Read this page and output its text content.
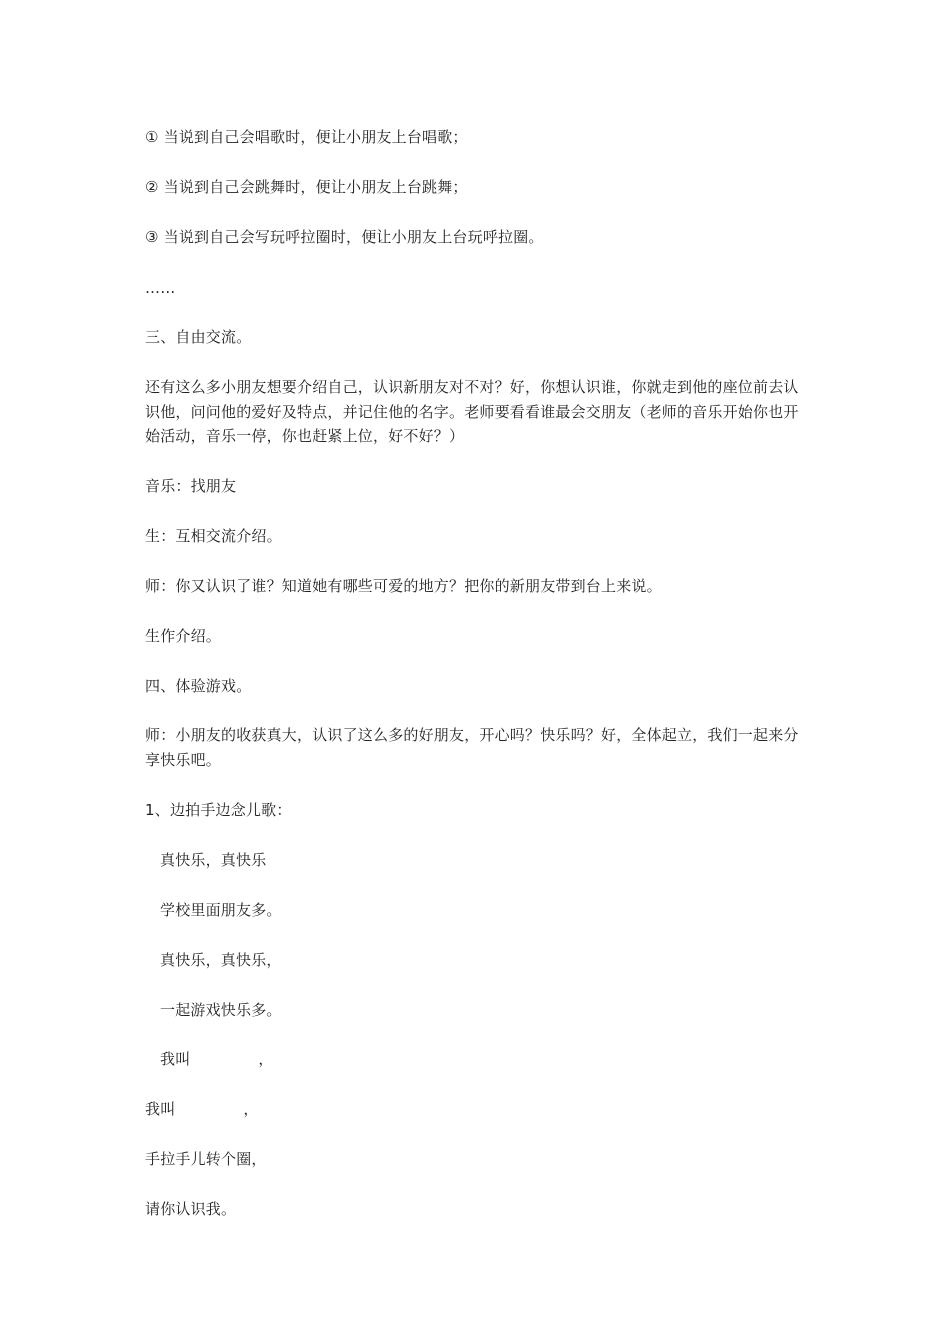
① 当说到自己会唱歌时，便让小朋友上台唱歌；
② 当说到自己会跳舞时，便让小朋友上台跳舞；
③ 当说到自己会写玩呼拉圈时，便让小朋友上台玩呼拉圈。
……
三、自由交流。
还有这么多小朋友想要介绍自己，认识新朋友对不对？好，你想认识谁，你就走到他的座位前去认识他，问问他的爱好及特点，并记住他的名字。老师要看看谁最会交朋友（老师的音乐开始你也开始活动，音乐一停，你也赶紧上位，好不好？）
音乐：找朋友
生：互相交流介绍。
师：你又认识了谁？知道她有哪些可爱的地方？把你的新朋友带到台上来说。
生作介绍。
四、体验游戏。
师：小朋友的收获真大，认识了这么多的好朋友，开心吗？快乐吗？好，全体起立，我们一起来分享快乐吧。
1、边拍手边念儿歌：
真快乐，真快乐
学校里面朋友多。
真快乐，真快乐，
一起游戏快乐多。
我叫	，
我叫	，
手拉手儿转个圈，
请你认识我。
